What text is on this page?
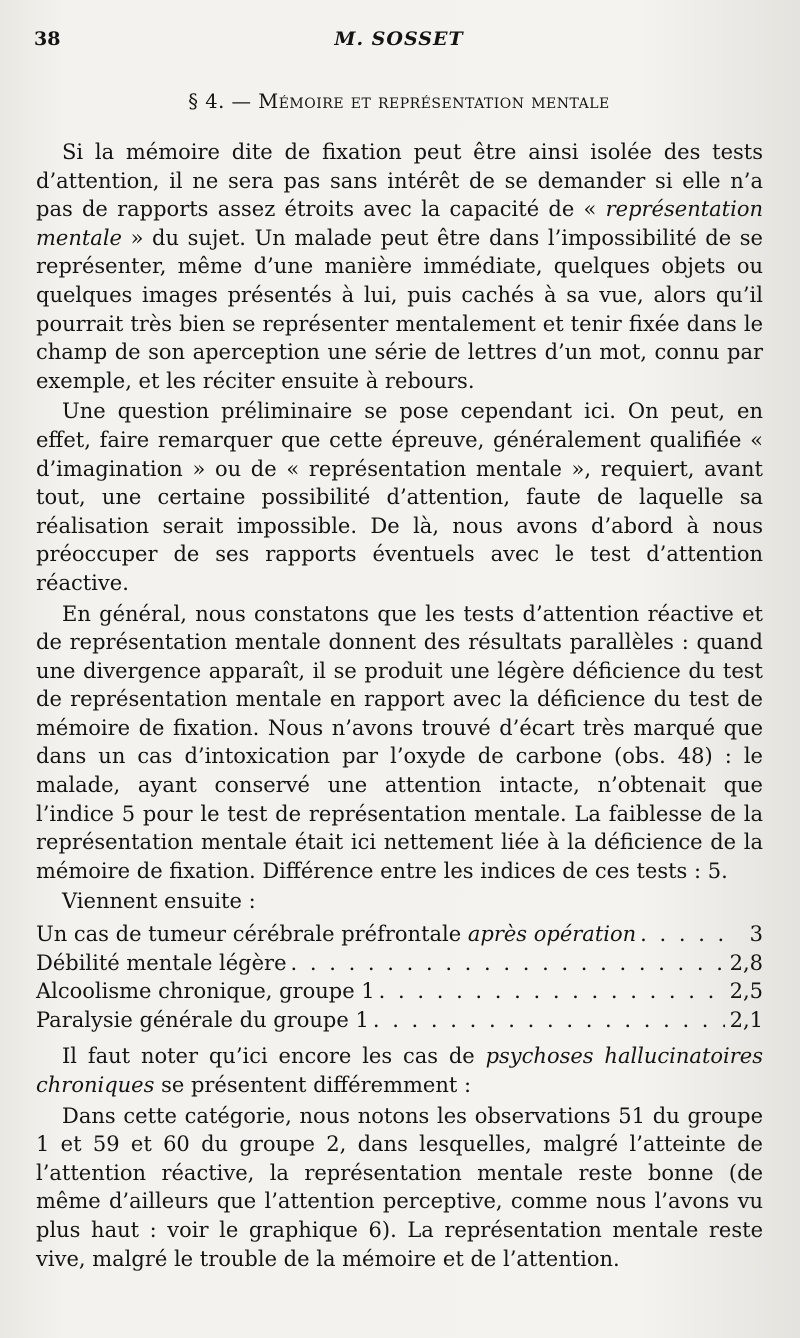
38	M. SOSSET
§ 4. — Mémoire et représentation mentale

Si la mémoire dite de fixation peut être ainsi isolée des tests d’attention, il ne sera pas sans intérêt de se demander si elle n’a pas de rapports assez étroits avec la capacité de « représentation mentale » du sujet. Un malade peut être dans l’impossibilité de se représenter, même d’une manière immédiate, quelques objets ou quelques images présentés à lui, puis cachés à sa vue, alors qu’il pourrait très bien se représenter mentalement et tenir fixée dans le champ de son aperception une série de lettres d’un mot, connu par exemple, et les réciter ensuite à rebours.

Une question préliminaire se pose cependant ici. On peut, en effet, faire remarquer que cette épreuve, généralement qualifiée « d’imagination » ou de « représentation mentale », requiert, avant tout, une certaine possibilité d’attention, faute de laquelle sa réalisation serait impossible. De là, nous avons d’abord à nous préoccuper de ses rapports éventuels avec le test d’attention réactive.

En général, nous constatons que les tests d’attention réactive et de représentation mentale donnent des résultats parallèles : quand une divergence apparaît, il se produit une légère déficience du test de représentation mentale en rapport avec la déficience du test de mémoire de fixation. Nous n’avons trouvé d’écart très marqué que dans un cas d’intoxication par l’oxyde de carbone (obs. 48) : le malade, ayant conservé une attention intacte, n’obtenait que l’indice 5 pour le test de représentation mentale. La faiblesse de la représentation mentale était ici nettement liée à la déficience de la mémoire de fixation. Différence entre les indices de ces tests : 5.

Viennent ensuite :

Un cas de tumeur cérébrale préfrontale après opération . . .	3
Débilité mentale légère . . .	2,8
Alcoolisme chronique, groupe 1 . . .	2,5
Paralysie générale du groupe 1 . . .	2,1

Il faut noter qu’ici encore les cas de psychoses hallucinatoires chroniques se présentent différemment :

Dans cette catégorie, nous notons les observations 51 du groupe 1 et 59 et 60 du groupe 2, dans lesquelles, malgré l’atteinte de l’attention réactive, la représentation mentale reste bonne (de même d’ailleurs que l’attention perceptive, comme nous l’avons vu plus haut : voir le graphique 6). La représentation mentale reste vive, malgré le trouble de la mémoire et de l’attention.
